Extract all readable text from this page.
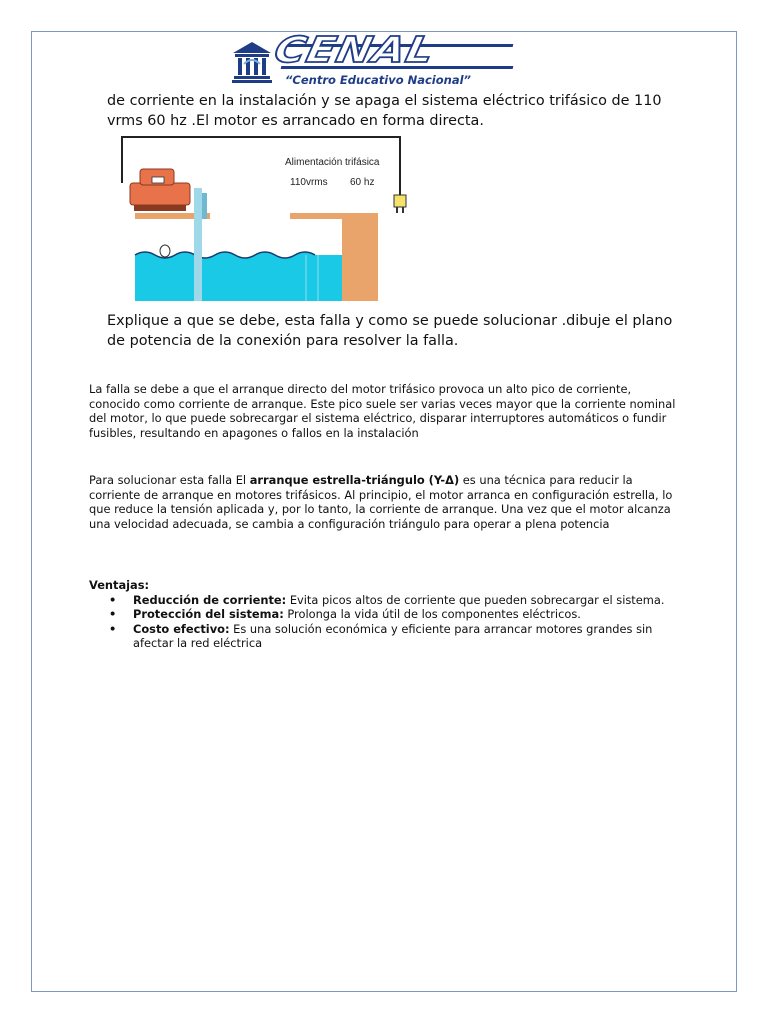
CENAL
“Centro Educativo Nacional”
de corriente en la instalación y se apaga el sistema eléctrico trifásico de 110 vrms 60 hz .El motor es arrancado en forma directa.
Alimentación trifásica
110vrms 60 hz
Explique a que se debe, esta falla y como se puede solucionar .dibuje el plano de potencia de la conexión para resolver la falla.
La falla se debe a que el arranque directo del motor trifásico provoca un alto pico de corriente, conocido como corriente de arranque. Este pico suele ser varias veces mayor que la corriente nominal del motor, lo que puede sobrecargar el sistema eléctrico, disparar interruptores automáticos o fundir fusibles, resultando en apagones o fallos en la instalación
Para solucionar esta falla El arranque estrella-triángulo (Y-Δ) es una técnica para reducir la corriente de arranque en motores trifásicos. Al principio, el motor arranca en configuración estrella, lo que reduce la tensión aplicada y, por lo tanto, la corriente de arranque. Una vez que el motor alcanza una velocidad adecuada, se cambia a configuración triángulo para operar a plena potencia
Ventajas:
• Reducción de corriente: Evita picos altos de corriente que pueden sobrecargar el sistema.
• Protección del sistema: Prolonga la vida útil de los componentes eléctricos.
• Costo efectivo: Es una solución económica y eficiente para arrancar motores grandes sin afectar la red eléctrica
